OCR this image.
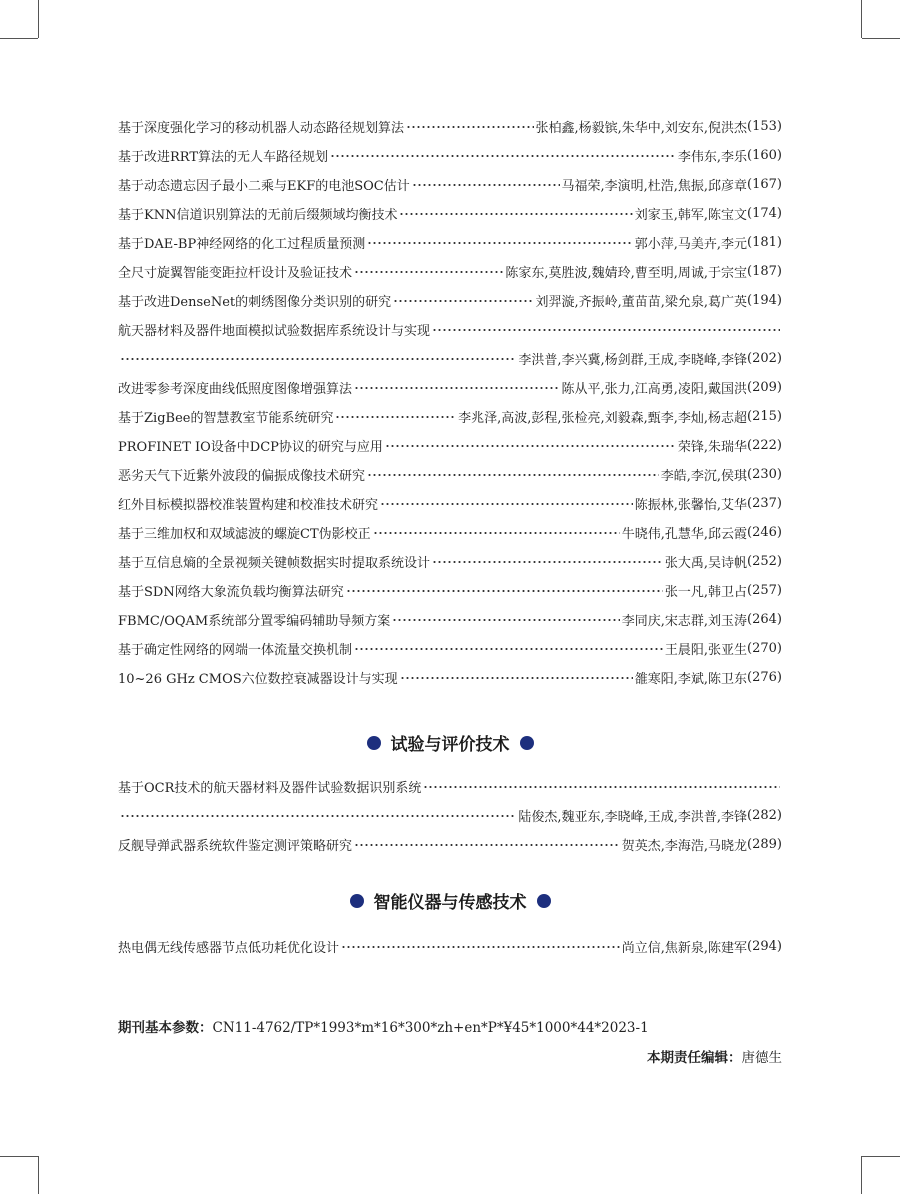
基于深度强化学习的移动机器人动态路径规划算法	张柏鑫,杨毅镔,朱华中,刘安东,倪洪杰 (153)
基于改进RRT算法的无人车路径规划	李伟东,李乐 (160)
基于动态遗忘因子最小二乘与EKF的电池SOC估计	马福荣,李演明,杜浩,焦振,邱彦章 (167)
基于KNN信道识别算法的无前后缀频域均衡技术	刘家玉,韩军,陈宝文 (174)
基于DAE-BP神经网络的化工过程质量预测	郭小萍,马美卉,李元 (181)
全尺寸旋翼智能变距拉杆设计及验证技术	陈家东,莫胜波,魏婧玲,曹至明,周诚,于宗宝 (187)
基于改进DenseNet的刺绣图像分类识别的研究	刘羿漩,齐振岭,董苗苗,梁允泉,葛广英 (194)
航天器材料及器件地面模拟试验数据库系统设计与实现
李洪普,李兴冀,杨剑群,王成,李晓峰,李锋 (202)
改进零参考深度曲线低照度图像增强算法	陈从平,张力,江高勇,凌阳,戴国洪 (209)
基于ZigBee的智慧教室节能系统研究	李兆泽,高波,彭程,张检亮,刘毅森,甄李,李灿,杨志超 (215)
PROFINET IO设备中DCP协议的研究与应用	荣锋,朱瑞华 (222)
恶劣天气下近紫外波段的偏振成像技术研究	李皓,李沉,侯琪 (230)
红外目标模拟器校准装置构建和校准技术研究	陈振林,张馨怡,艾华 (237)
基于三维加权和双域滤波的螺旋CT伪影校正	牛晓伟,孔慧华,邱云霞 (246)
基于互信息熵的全景视频关键帧数据实时提取系统设计	张大禹,吴诗帆 (252)
基于SDN网络大象流负载均衡算法研究	张一凡,韩卫占 (257)
FBMC/OQAM系统部分置零编码辅助导频方案	李同庆,宋志群,刘玉涛 (264)
基于确定性网络的网端一体流量交换机制	王晨阳,张亚生 (270)
10~26 GHz CMOS六位数控衰减器设计与实现	雒寒阳,李斌,陈卫东 (276)
试验与评价技术
基于OCR技术的航天器材料及器件试验数据识别系统
陆俊杰,魏亚东,李晓峰,王成,李洪普,李锋 (282)
反舰导弹武器系统软件鉴定测评策略研究	贺英杰,李海浩,马晓龙 (289)
智能仪器与传感技术
热电偶无线传感器节点低功耗优化设计	尚立信,焦新泉,陈建军 (294)
期刊基本参数：CN11-4762/TP*1993*m*16*300*zh+en*P*¥45*1000*44*2023-1
本期责任编辑：唐德生
